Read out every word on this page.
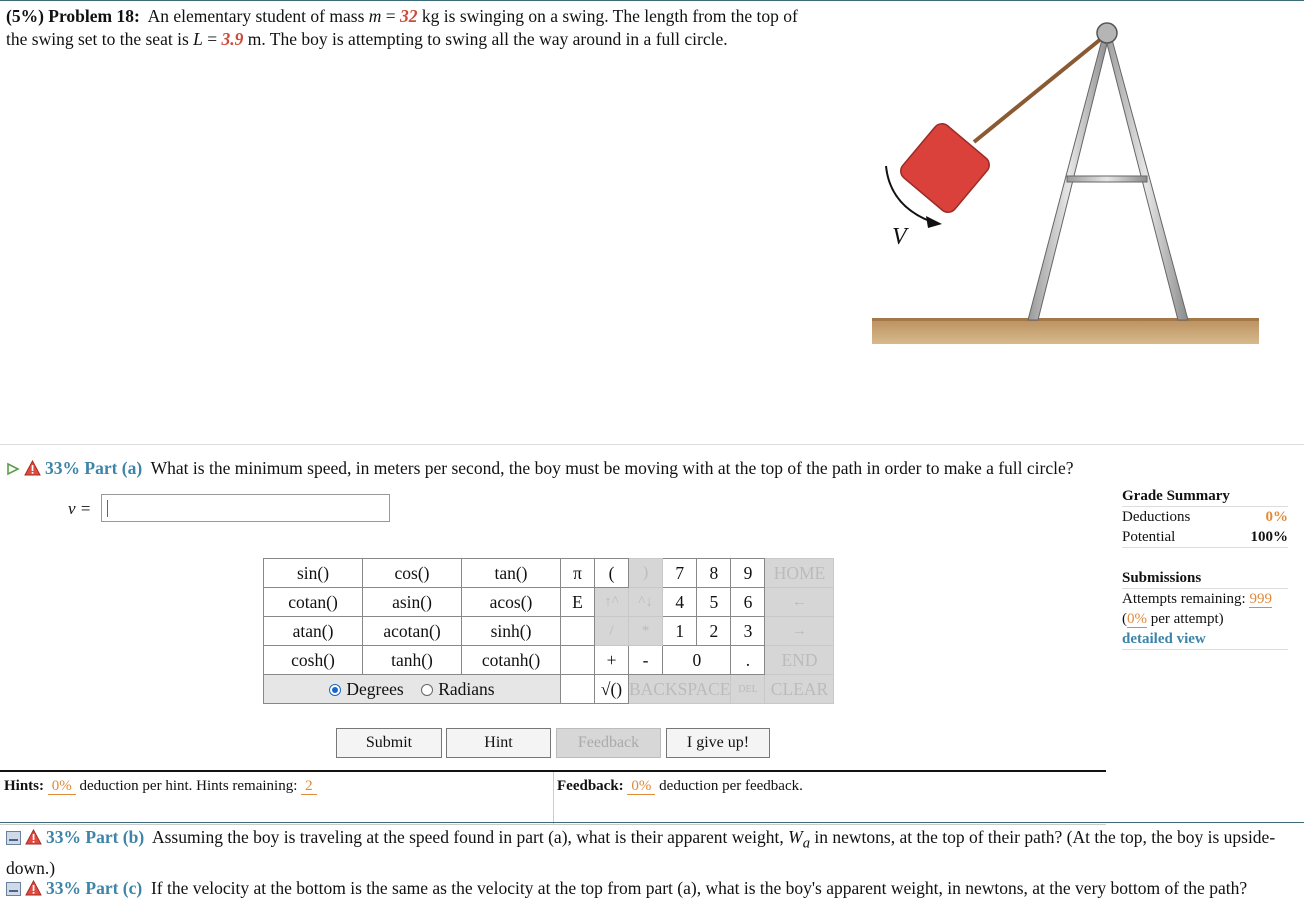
(5%) Problem 18: An elementary student of mass m = 32 kg is swinging on a swing. The length from the top of the swing set to the seat is L = 3.9 m. The boy is attempting to swing all the way around in a full circle.
V
33% Part (a) What is the minimum speed, in meters per second, the boy must be moving with at the top of the path in order to make a full circle?
v =
sin()	cos()	tan()	π	(	)	7	8	9	HOME
cotan()	asin()	acos()	E	↑^	^↓	4	5	6	←
atan()	acotan()	sinh()		/	*	1	2	3	→
cosh()	tanh()	cotanh()		+	-	0		.	END
Degrees Radians				√()	BACKSPACE			DEL	CLEAR
Submit	Hint	Feedback	I give up!
Hints: 0% deduction per hint. Hints remaining: 2	Feedback: 0% deduction per feedback.
Grade Summary
Deductions	0%
Potential	100%
Submissions
Attempts remaining: 999
(0% per attempt)
detailed view
33% Part (b) Assuming the boy is traveling at the speed found in part (a), what is their apparent weight, $W_a$ in newtons, at the top of their path? (At the top, the boy is upside-down.)
33% Part (c) If the velocity at the bottom is the same as the velocity at the top from part (a), what is the boy's apparent weight, in newtons, at the very bottom of the path?
